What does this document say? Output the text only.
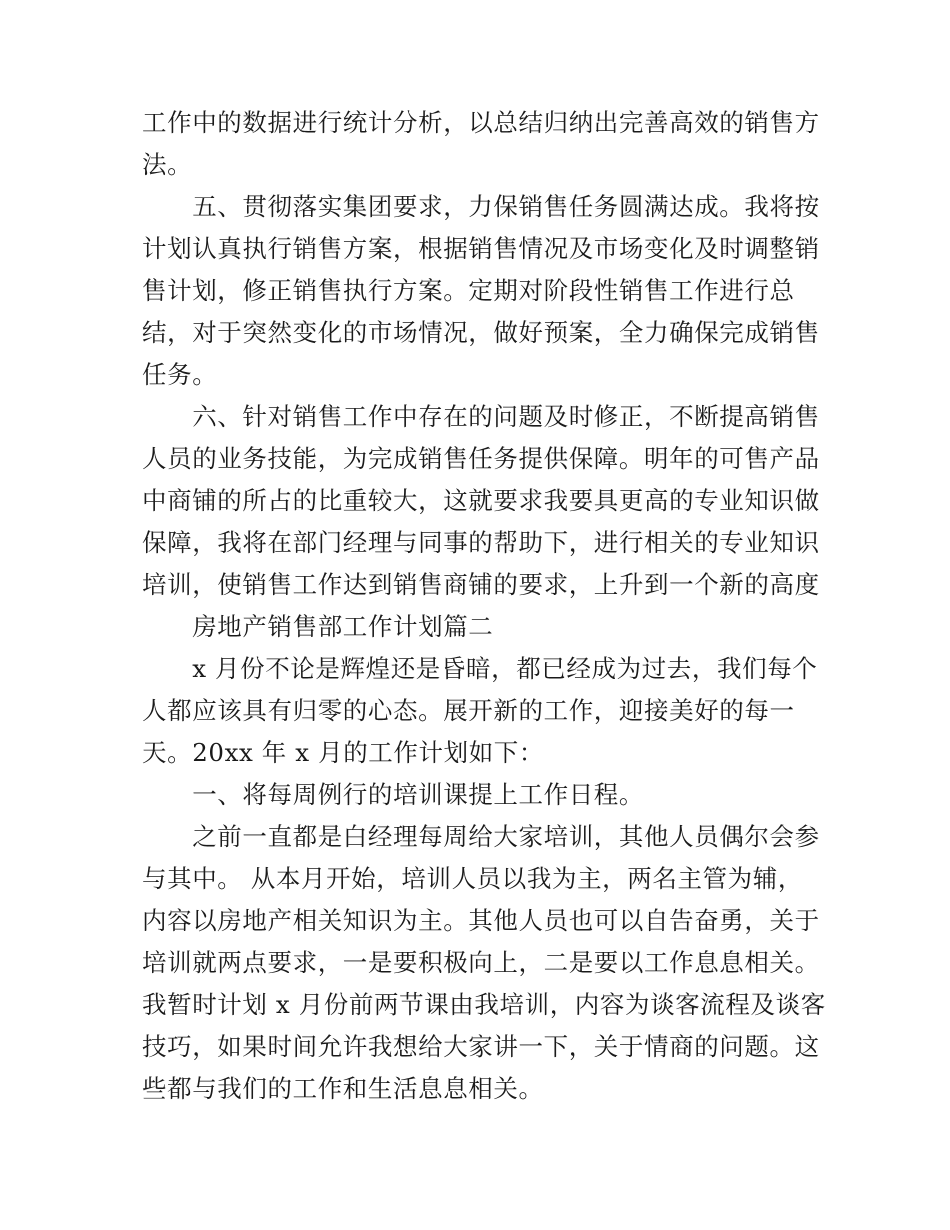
工作中的数据进行统计分析，以总结归纳出完善高效的销售方
法。
　　五、贯彻落实集团要求，力保销售任务圆满达成。我将按
计划认真执行销售方案，根据销售情况及市场变化及时调整销
售计划，修正销售执行方案。定期对阶段性销售工作进行总
结，对于突然变化的市场情况，做好预案，全力确保完成销售
任务。
　　六、针对销售工作中存在的问题及时修正，不断提高销售
人员的业务技能，为完成销售任务提供保障。明年的可售产品
中商铺的所占的比重较大，这就要求我要具更高的专业知识做
保障，我将在部门经理与同事的帮助下，进行相关的专业知识
培训，使销售工作达到销售商铺的要求，上升到一个新的高度
　　房地产销售部工作计划篇二
　　x 月份不论是辉煌还是昏暗，都已经成为过去，我们每个
人都应该具有归零的心态。展开新的工作，迎接美好的每一
天。20xx 年 x 月的工作计划如下：
　　一、将每周例行的培训课提上工作日程。
　　之前一直都是白经理每周给大家培训，其他人员偶尔会参
与其中。 从本月开始，培训人员以我为主，两名主管为辅，
内容以房地产相关知识为主。其他人员也可以自告奋勇，关于
培训就两点要求，一是要积极向上，二是要以工作息息相关。
我暂时计划 x 月份前两节课由我培训，内容为谈客流程及谈客
技巧，如果时间允许我想给大家讲一下，关于情商的问题。这
些都与我们的工作和生活息息相关。
